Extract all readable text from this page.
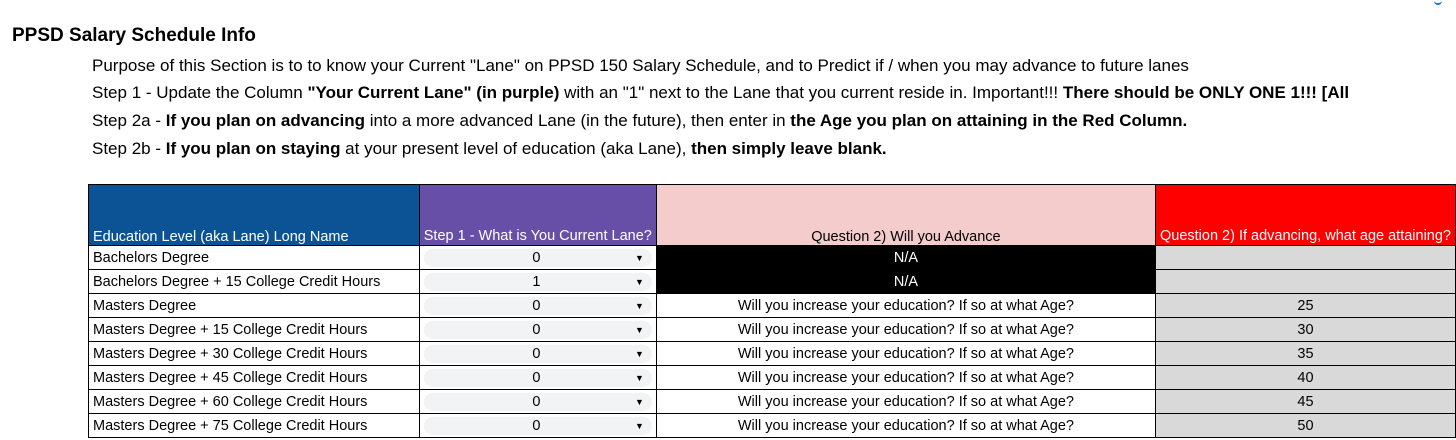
PPSD Salary Schedule Info
Purpose of this Section is to to know your Current "Lane" on PPSD 150 Salary Schedule, and to Predict if / when you may advance to future lanes
Step 1 - Update the Column "Your Current Lane" (in purple) with an "1" next to the Lane that you current reside in. Important!!! There should be ONLY ONE 1!!! [All
Step 2a - If you plan on advancing into a more advanced Lane (in the future), then enter in the Age you plan on attaining in the Red Column.
Step 2b - If you plan on staying at your present level of education (aka Lane), then simply leave blank.
Education Level (aka Lane) Long Name	Step 1 - What is You Current Lane?	Question 2) Will you Advance	Question 2) If advancing, what age attaining?
Bachelors Degree	0 ▼	N/A	
Bachelors Degree + 15 College Credit Hours	1 ▼	N/A	
Masters Degree	0 ▼	Will you increase your education? If so at what Age?	25
Masters Degree + 15 College Credit Hours	0 ▼	Will you increase your education? If so at what Age?	30
Masters Degree + 30 College Credit Hours	0 ▼	Will you increase your education? If so at what Age?	35
Masters Degree + 45 College Credit Hours	0 ▼	Will you increase your education? If so at what Age?	40
Masters Degree + 60 College Credit Hours	0 ▼	Will you increase your education? If so at what Age?	45
Masters Degree + 75 College Credit Hours	0 ▼	Will you increase your education? If so at what Age?	50
